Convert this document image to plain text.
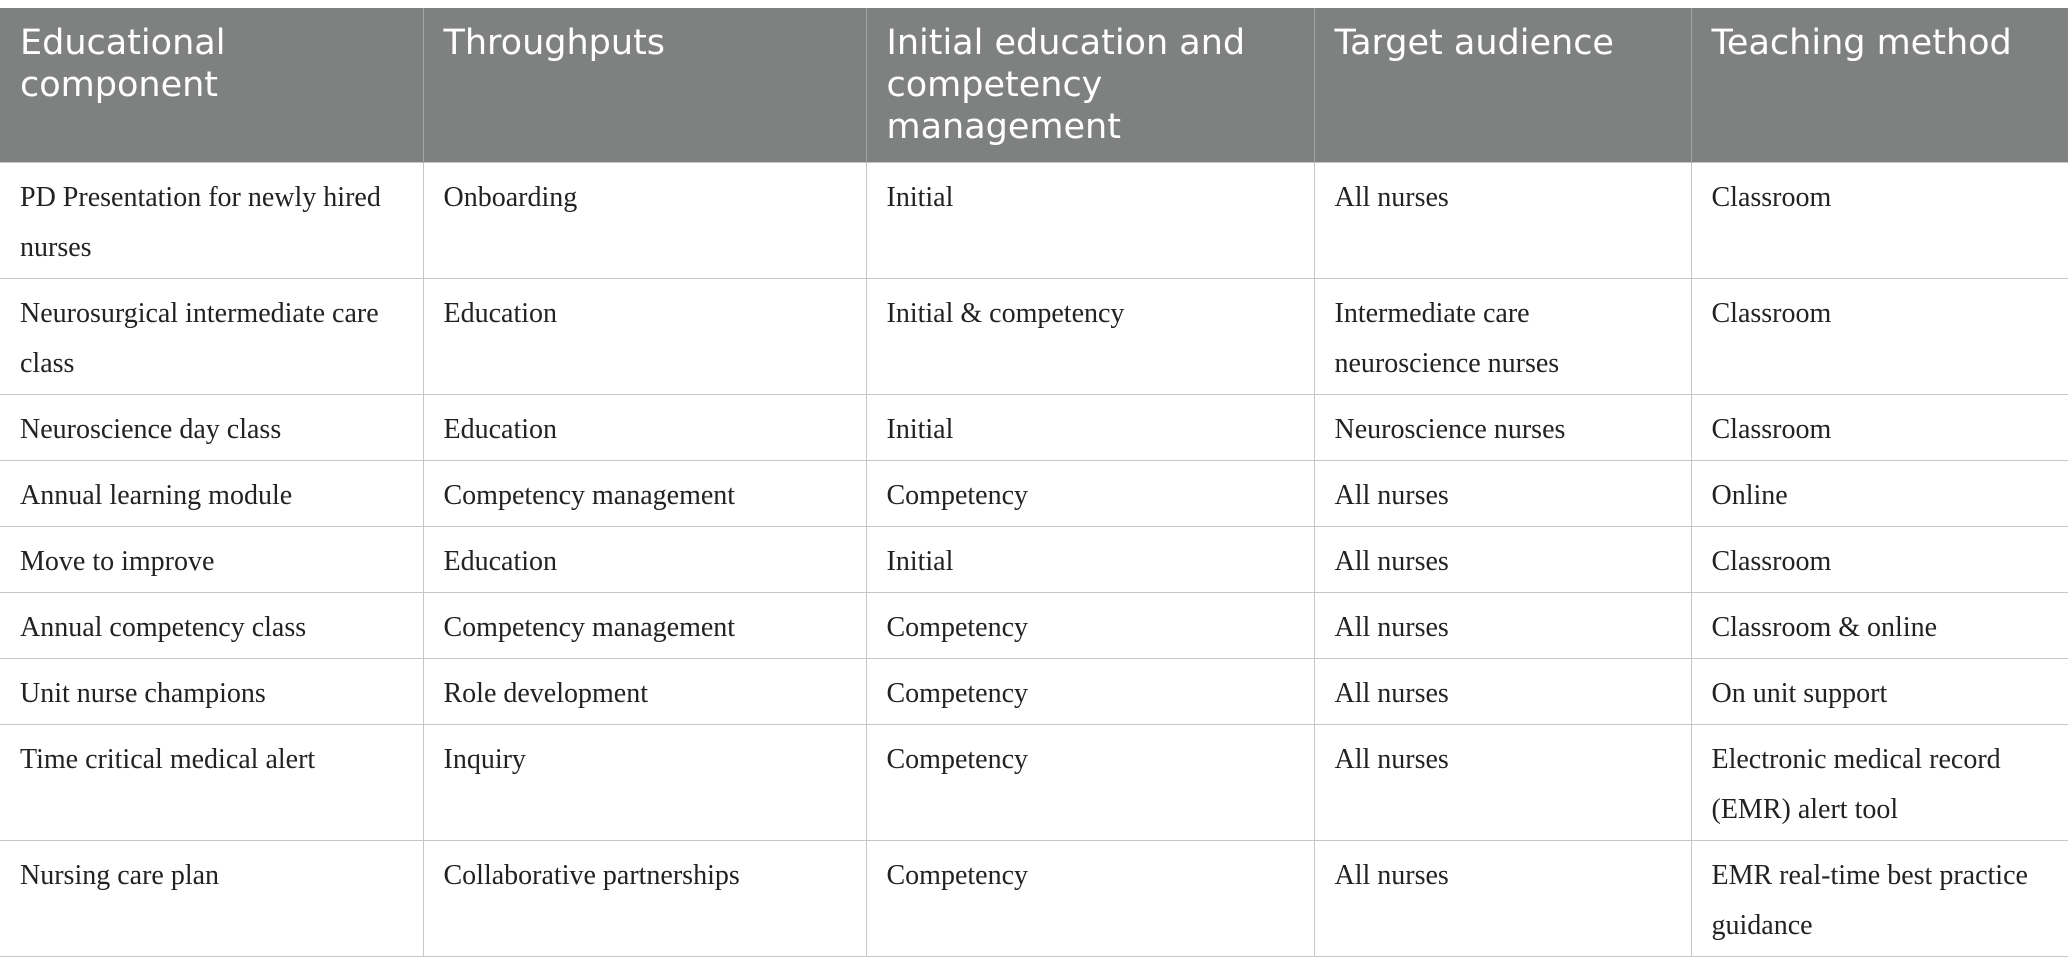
Educational component	Throughputs	Initial education and competency management	Target audience	Teaching method
PD Presentation for newly hired nurses	Onboarding	Initial	All nurses	Classroom
Neurosurgical intermediate care class	Education	Initial & competency	Intermediate care neuroscience nurses	Classroom
Neuroscience day class	Education	Initial	Neuroscience nurses	Classroom
Annual learning module	Competency management	Competency	All nurses	Online
Move to improve	Education	Initial	All nurses	Classroom
Annual competency class	Competency management	Competency	All nurses	Classroom & online
Unit nurse champions	Role development	Competency	All nurses	On unit support
Time critical medical alert	Inquiry	Competency	All nurses	Electronic medical record (EMR) alert tool
Nursing care plan	Collaborative partnerships	Competency	All nurses	EMR real-time best practice guidance
